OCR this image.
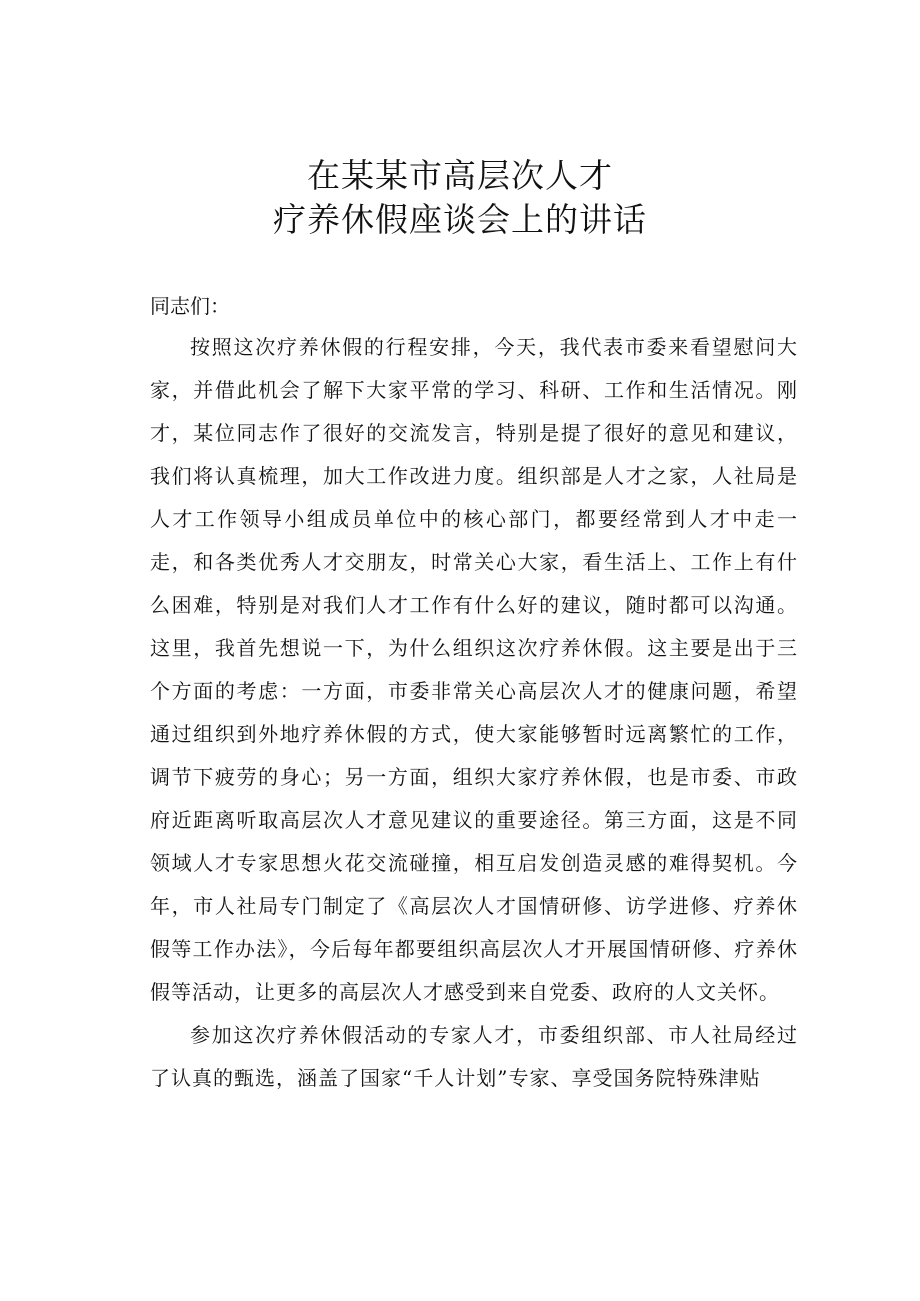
在某某市高层次人才
疗养休假座谈会上的讲话

同志们：

按照这次疗养休假的行程安排，今天，我代表市委来看望慰问大家，并借此机会了解下大家平常的学习、科研、工作和生活情况。刚才，某位同志作了很好的交流发言，特别是提了很好的意见和建议，我们将认真梳理，加大工作改进力度。组织部是人才之家，人社局是人才工作领导小组成员单位中的核心部门，都要经常到人才中走一走，和各类优秀人才交朋友，时常关心大家，看生活上、工作上有什么困难，特别是对我们人才工作有什么好的建议，随时都可以沟通。这里，我首先想说一下，为什么组织这次疗养休假。这主要是出于三个方面的考虑：一方面，市委非常关心高层次人才的健康问题，希望通过组织到外地疗养休假的方式，使大家能够暂时远离繁忙的工作，调节下疲劳的身心；另一方面，组织大家疗养休假，也是市委、市政府近距离听取高层次人才意见建议的重要途径。第三方面，这是不同领域人才专家思想火花交流碰撞，相互启发创造灵感的难得契机。今年，市人社局专门制定了《高层次人才国情研修、访学进修、疗养休假等工作办法》，今后每年都要组织高层次人才开展国情研修、疗养休假等活动，让更多的高层次人才感受到来自党委、政府的人文关怀。

参加这次疗养休假活动的专家人才，市委组织部、市人社局经过了认真的甄选，涵盖了国家“千人计划”专家、享受国务院特殊津贴
